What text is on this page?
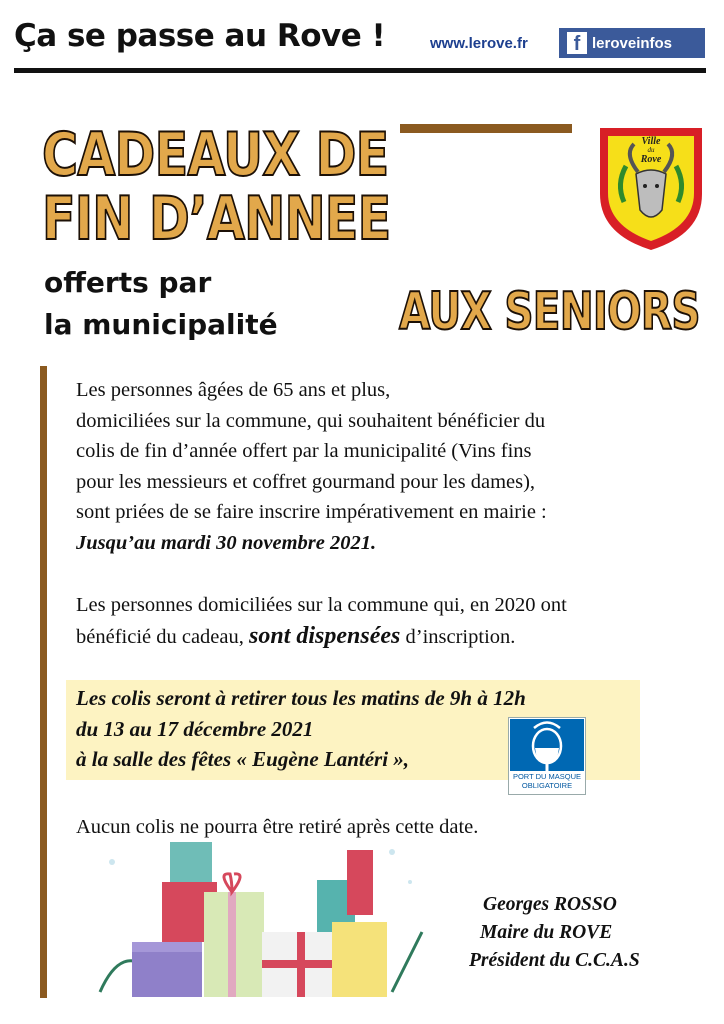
Ça se passe au Rove !	www.lerove.fr	f leroveinfos
CADEAUX DE
FIN D’ANNEE
offerts par
la municipalité AUX SENIORS
Ville
du
Rove
Les personnes âgées de 65 ans et plus,
domiciliées sur la commune, qui souhaitent bénéficier du
colis de fin d’année offert par la municipalité (Vins fins
pour les messieurs et coffret gourmand pour les dames),
sont priées de se faire inscrire impérativement en mairie :
Jusqu’au mardi 30 novembre 2021.
Les personnes domiciliées sur la commune qui, en 2020 ont
bénéficié du cadeau, sont dispensées d’inscription.
Les colis seront à retirer tous les matins de 9h à 12h
du 13 au 17 décembre 2021
à la salle des fêtes « Eugène Lantéri »,
PORT DU MASQUE
OBLIGATOIRE
Aucun colis ne pourra être retiré après cette date.
Georges ROSSO
Maire du ROVE
Président du C.C.A.S
